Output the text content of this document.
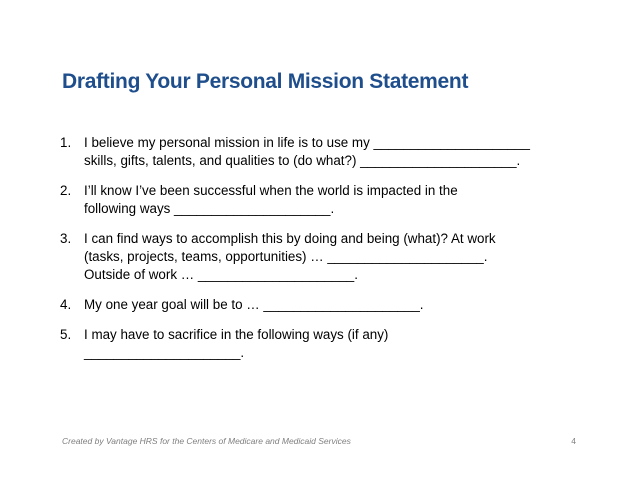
Drafting Your Personal Mission Statement
1. I believe my personal mission in life is to use my _____________________
skills, gifts, talents, and qualities to (do what?) _____________________.
2. I’ll know I’ve been successful when the world is impacted in the
following ways _____________________.
3. I can find ways to accomplish this by doing and being (what)? At work
(tasks, projects, teams, opportunities) … _____________________.
Outside of work … _____________________.
4. My one year goal will be to … _____________________.
5. I may have to sacrifice in the following ways (if any)
_____________________.
Created by Vantage HRS for the Centers of Medicare and Medicaid Services	4
